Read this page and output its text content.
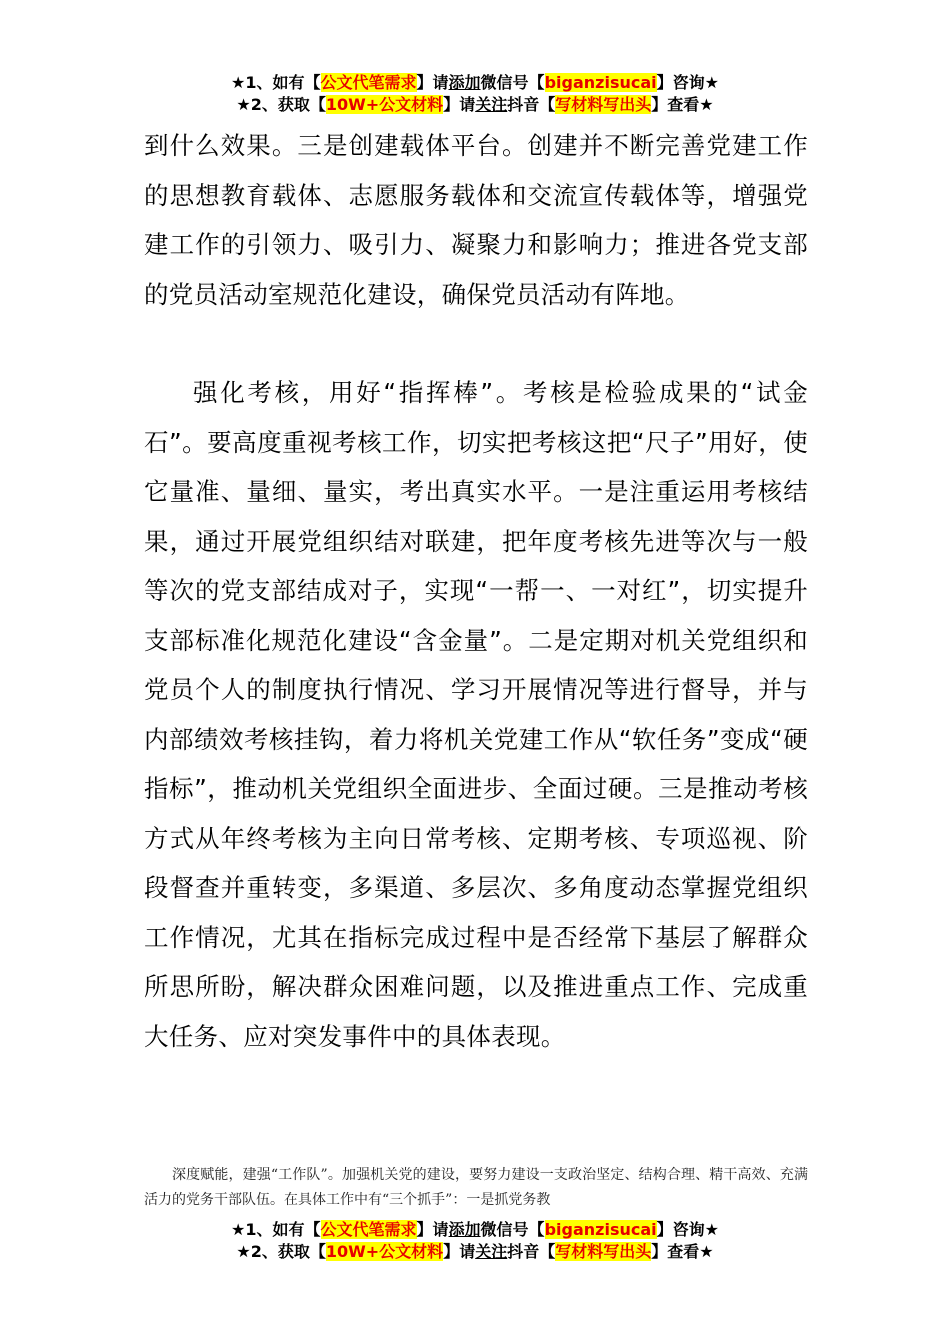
★1、如有【公文代笔需求】请添加微信号【biganzisucai】咨询★
★2、获取【10W+公文材料】请关注抖音【写材料写出头】查看★

到什么效果。三是创建载体平台。创建并不断完善党建工作的思想教育载体、志愿服务载体和交流宣传载体等，增强党建工作的引领力、吸引力、凝聚力和影响力；推进各党支部的党员活动室规范化建设，确保党员活动有阵地。

强化考核，用好“指挥棒”。考核是检验成果的“试金石”。要高度重视考核工作，切实把考核这把“尺子”用好，使它量准、量细、量实，考出真实水平。一是注重运用考核结果，通过开展党组织结对联建，把年度考核先进等次与一般等次的党支部结成对子，实现“一帮一、一对红”，切实提升支部标准化规范化建设“含金量”。二是定期对机关党组织和党员个人的制度执行情况、学习开展情况等进行督导，并与内部绩效考核挂钩，着力将机关党建工作从“软任务”变成“硬指标”，推动机关党组织全面进步、全面过硬。三是推动考核方式从年终考核为主向日常考核、定期考核、专项巡视、阶段督查并重转变，多渠道、多层次、多角度动态掌握党组织工作情况，尤其在指标完成过程中是否经常下基层了解群众所思所盼，解决群众困难问题，以及推进重点工作、完成重大任务、应对突发事件中的具体表现。

深度赋能，建强“工作队”。加强机关党的建设，要努力建设一支政治坚定、结构合理、精干高效、充满活力的党务干部队伍。在具体工作中有“三个抓手”：一是抓党务教

★1、如有【公文代笔需求】请添加微信号【biganzisucai】咨询★
★2、获取【10W+公文材料】请关注抖音【写材料写出头】查看★
